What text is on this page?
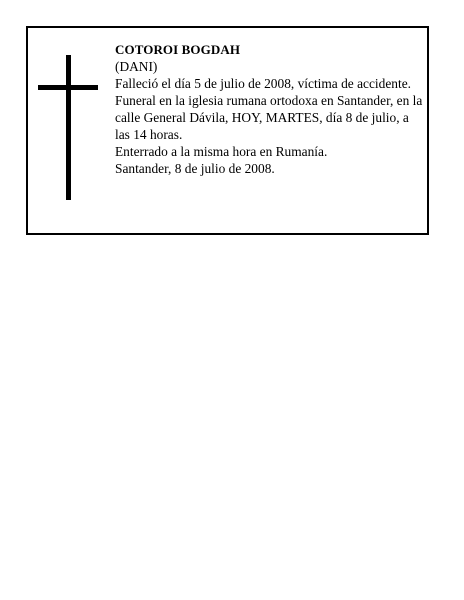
COTOROI BOGDAH

(DANI)

Falleció el día 5 de julio de 2008, víctima de accidente.

Funeral en la iglesia rumana ortodoxa en Santander, en la calle General Dávila, HOY, MARTES, día 8 de julio, a las 14 horas.

Enterrado a la misma hora en Rumanía.

Santander, 8 de julio de 2008.
